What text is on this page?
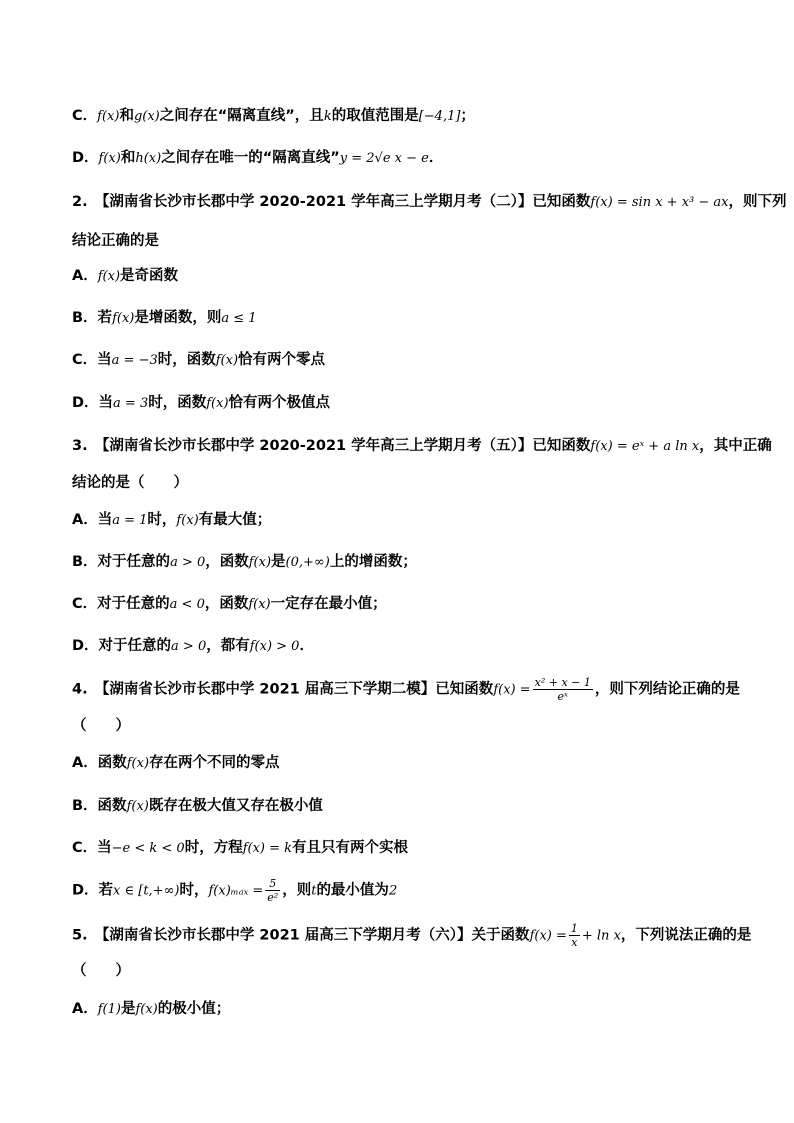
C．f(x)和g(x)之间存在“隔离直线”，且k的取值范围是[−4,1]；
D．f(x)和h(x)之间存在唯一的“隔离直线”y = 2√e x − e．
2.　【湖南省长沙市长郡中学 2020-2021 学年高三上学期月考（二）】已知函数f(x) = sin x + x³ − ax，则下列
结论正确的是
A．f(x)是奇函数
B．若f(x)是增函数，则a ≤ 1
C．当a = −3时，函数f(x)恰有两个零点
D．当a = 3时，函数f(x)恰有两个极值点
3.　【湖南省长沙市长郡中学 2020-2021 学年高三上学期月考（五）】已知函数f(x) = eˣ + a ln x，其中正确
结论的是（　　）
A．当a = 1时，f(x)有最大值；
B．对于任意的a > 0，函数f(x)是(0,+∞)上的增函数；
C．对于任意的a < 0，函数f(x)一定存在最小值；
D．对于任意的a > 0，都有f(x) > 0．
4.　【湖南省长沙市长郡中学 2021 届高三下学期二模】已知函数$f(x) = \frac{\text{x² + x − 1}}{\text{eˣ}}$ ，则下列结论正确的是
（　　）
A．函数f(x)存在两个不同的零点
B．函数f(x)既存在极大值又存在极小值
C．当−e < k < 0时，方程f(x) = k有且只有两个实根
D．若x ∈ [t,+∞)时，$f(x)_{max} = \frac{5}{\text{e²}}$ ，则t的最小值为2
5.　【湖南省长沙市长郡中学 2021 届高三下学期月考（六）】关于函数$f(x) = \frac{1}{x} + \ln x$，下列说法正确的是
（　　）
A．f(1)是f(x)的极小值；
